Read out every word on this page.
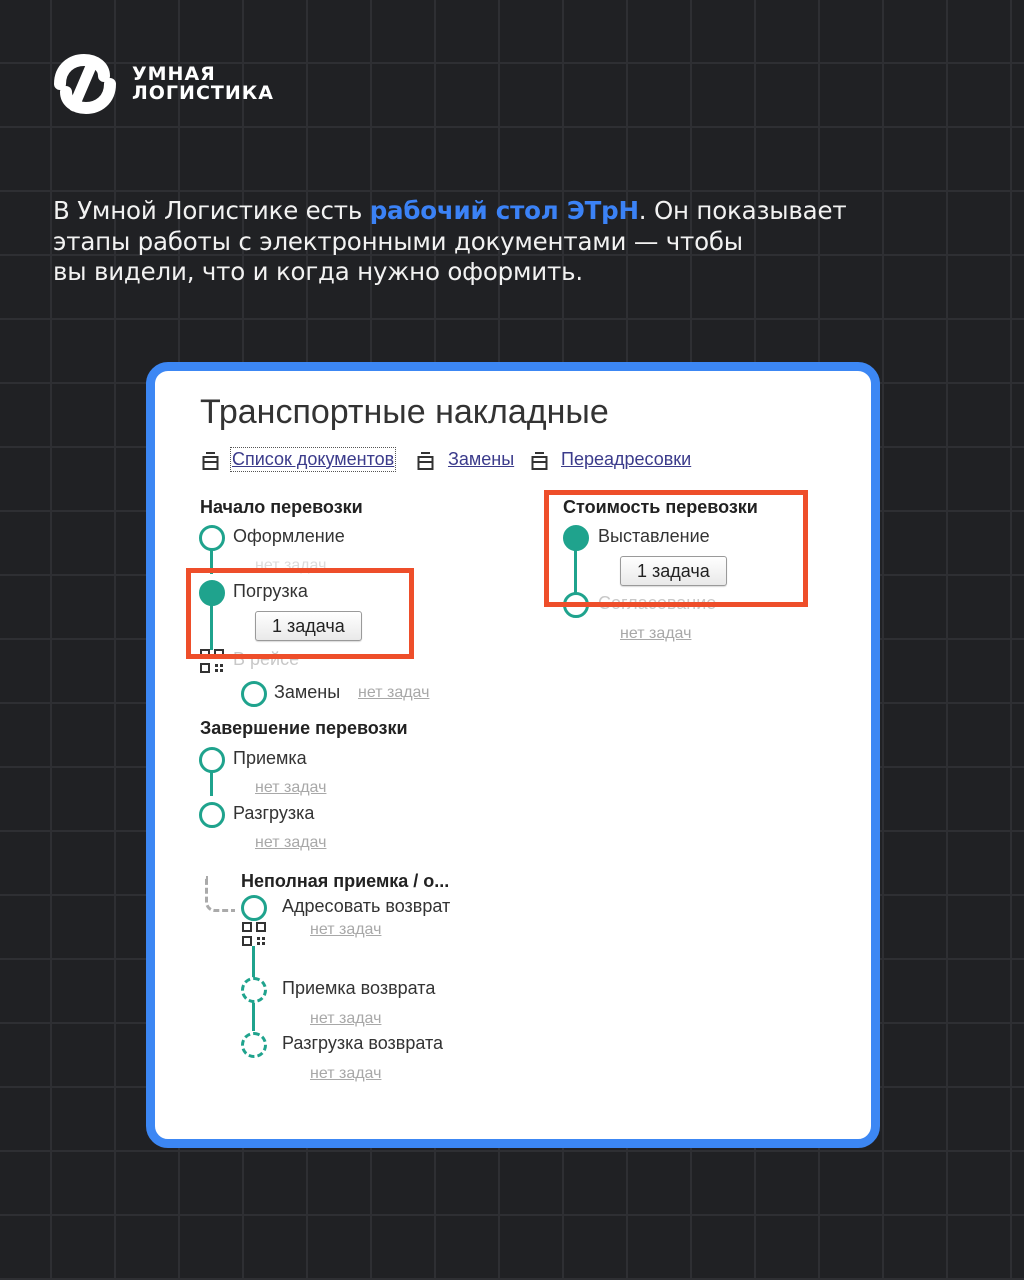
УМНАЯ
ЛОГИСТИКА

В Умной Логистике есть рабочий стол ЭТрН. Он показывает

этапы работы с электронными документами — чтобы

вы видели, что и когда нужно оформить.

Транспортные накладные
Список документов	Замены	Переадресовки
Начало перевозки
Оформление
нет задач
Погрузка
1 задача
В рейсе
Замены нет задач
Стоимость перевозки
Выставление
1 задача
Согласование
нет задач
Завершение перевозки
Приемка
нет задач
Разгрузка
нет задач
Неполная приемка / о...
Адресовать возврат
нет задач
Приемка возврата
нет задач
Разгрузка возврата
нет задач
